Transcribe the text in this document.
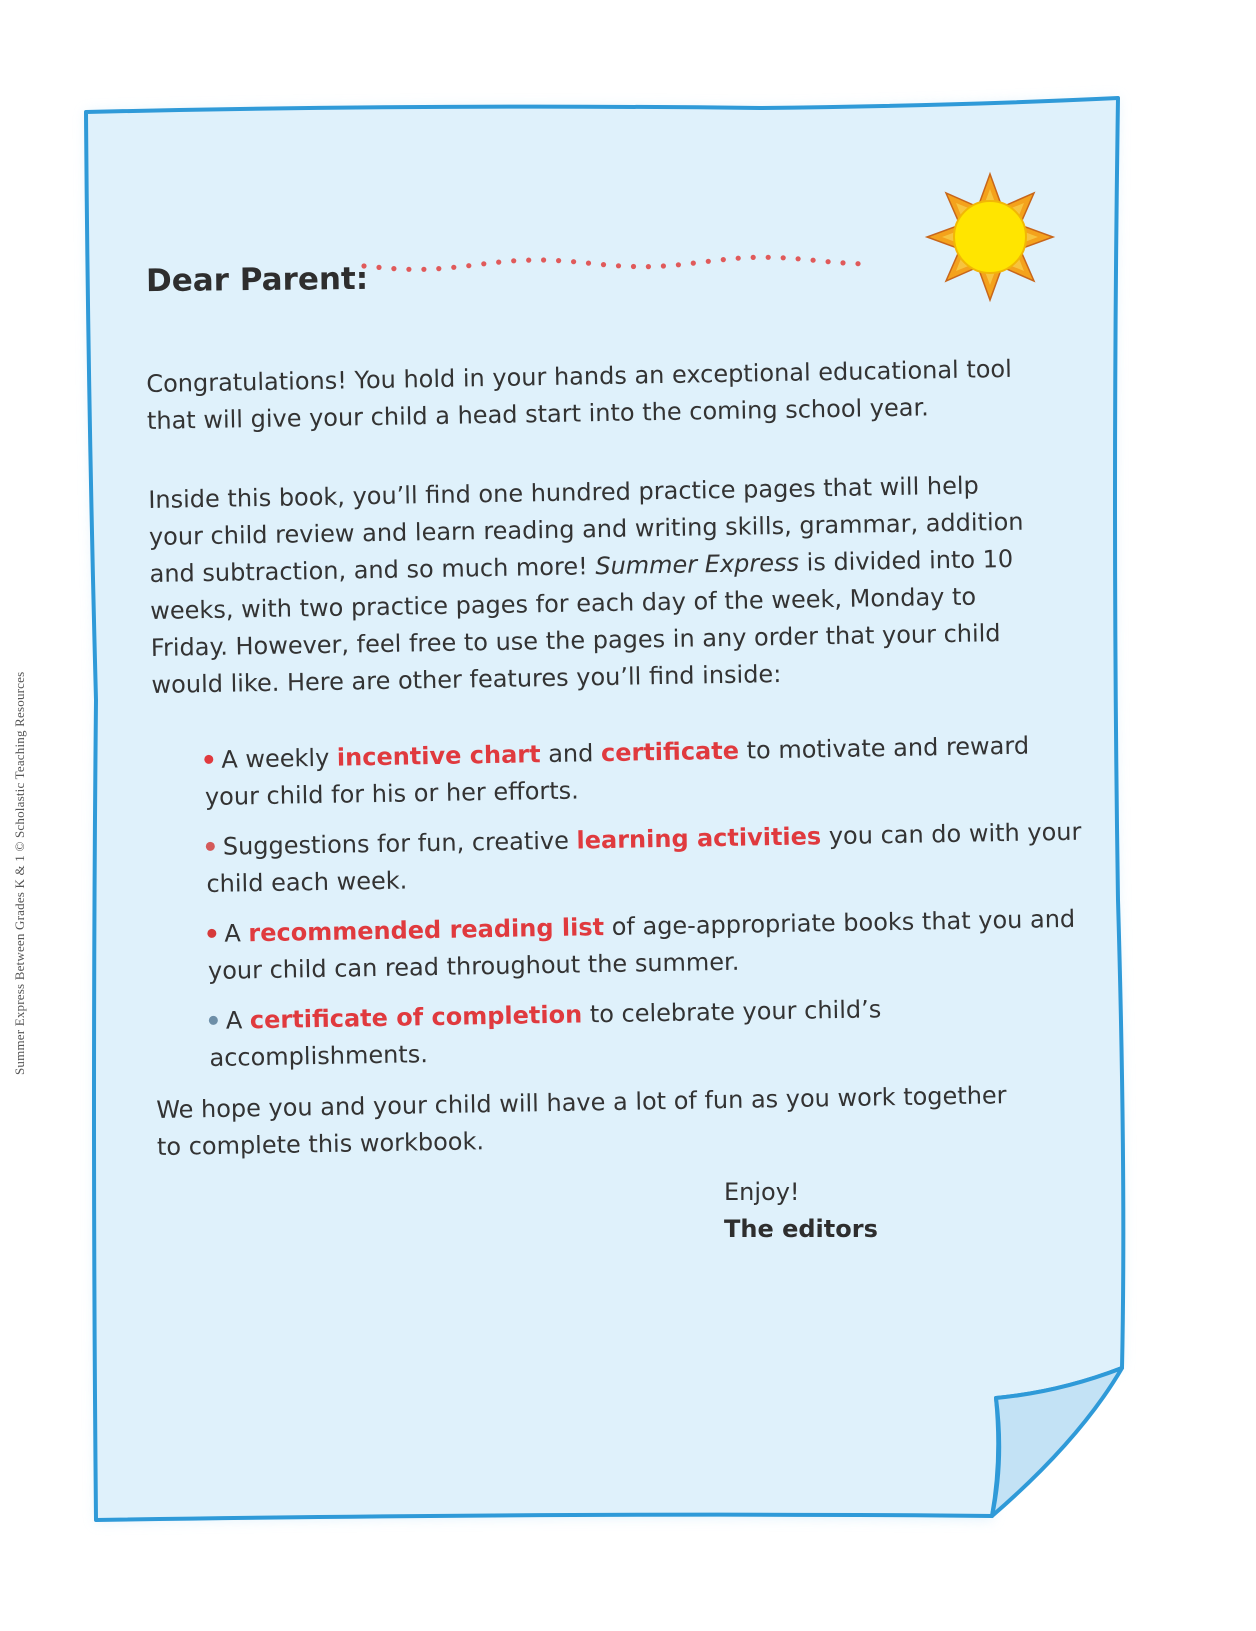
Summer Express Between Grades K & 1 © Scholastic Teaching Resources
Dear Parent:

Congratulations! You hold in your hands an exceptional educational tool that will give your child a head start into the coming school year.

Inside this book, you’ll find one hundred practice pages that will help your child review and learn reading and writing skills, grammar, addition and subtraction, and so much more! Summer Express is divided into 10 weeks, with two practice pages for each day of the week, Monday to Friday. However, feel free to use the pages in any order that your child would like. Here are other features you’ll find inside:

A weekly incentive chart and certificate to motivate and reward your child for his or her efforts.
Suggestions for fun, creative learning activities you can do with your child each week.
A recommended reading list of age-appropriate books that you and your child can read throughout the summer.
A certificate of completion to celebrate your child’s accomplishments.

We hope you and your child will have a lot of fun as you work together to complete this workbook.

Enjoy!
The editors
